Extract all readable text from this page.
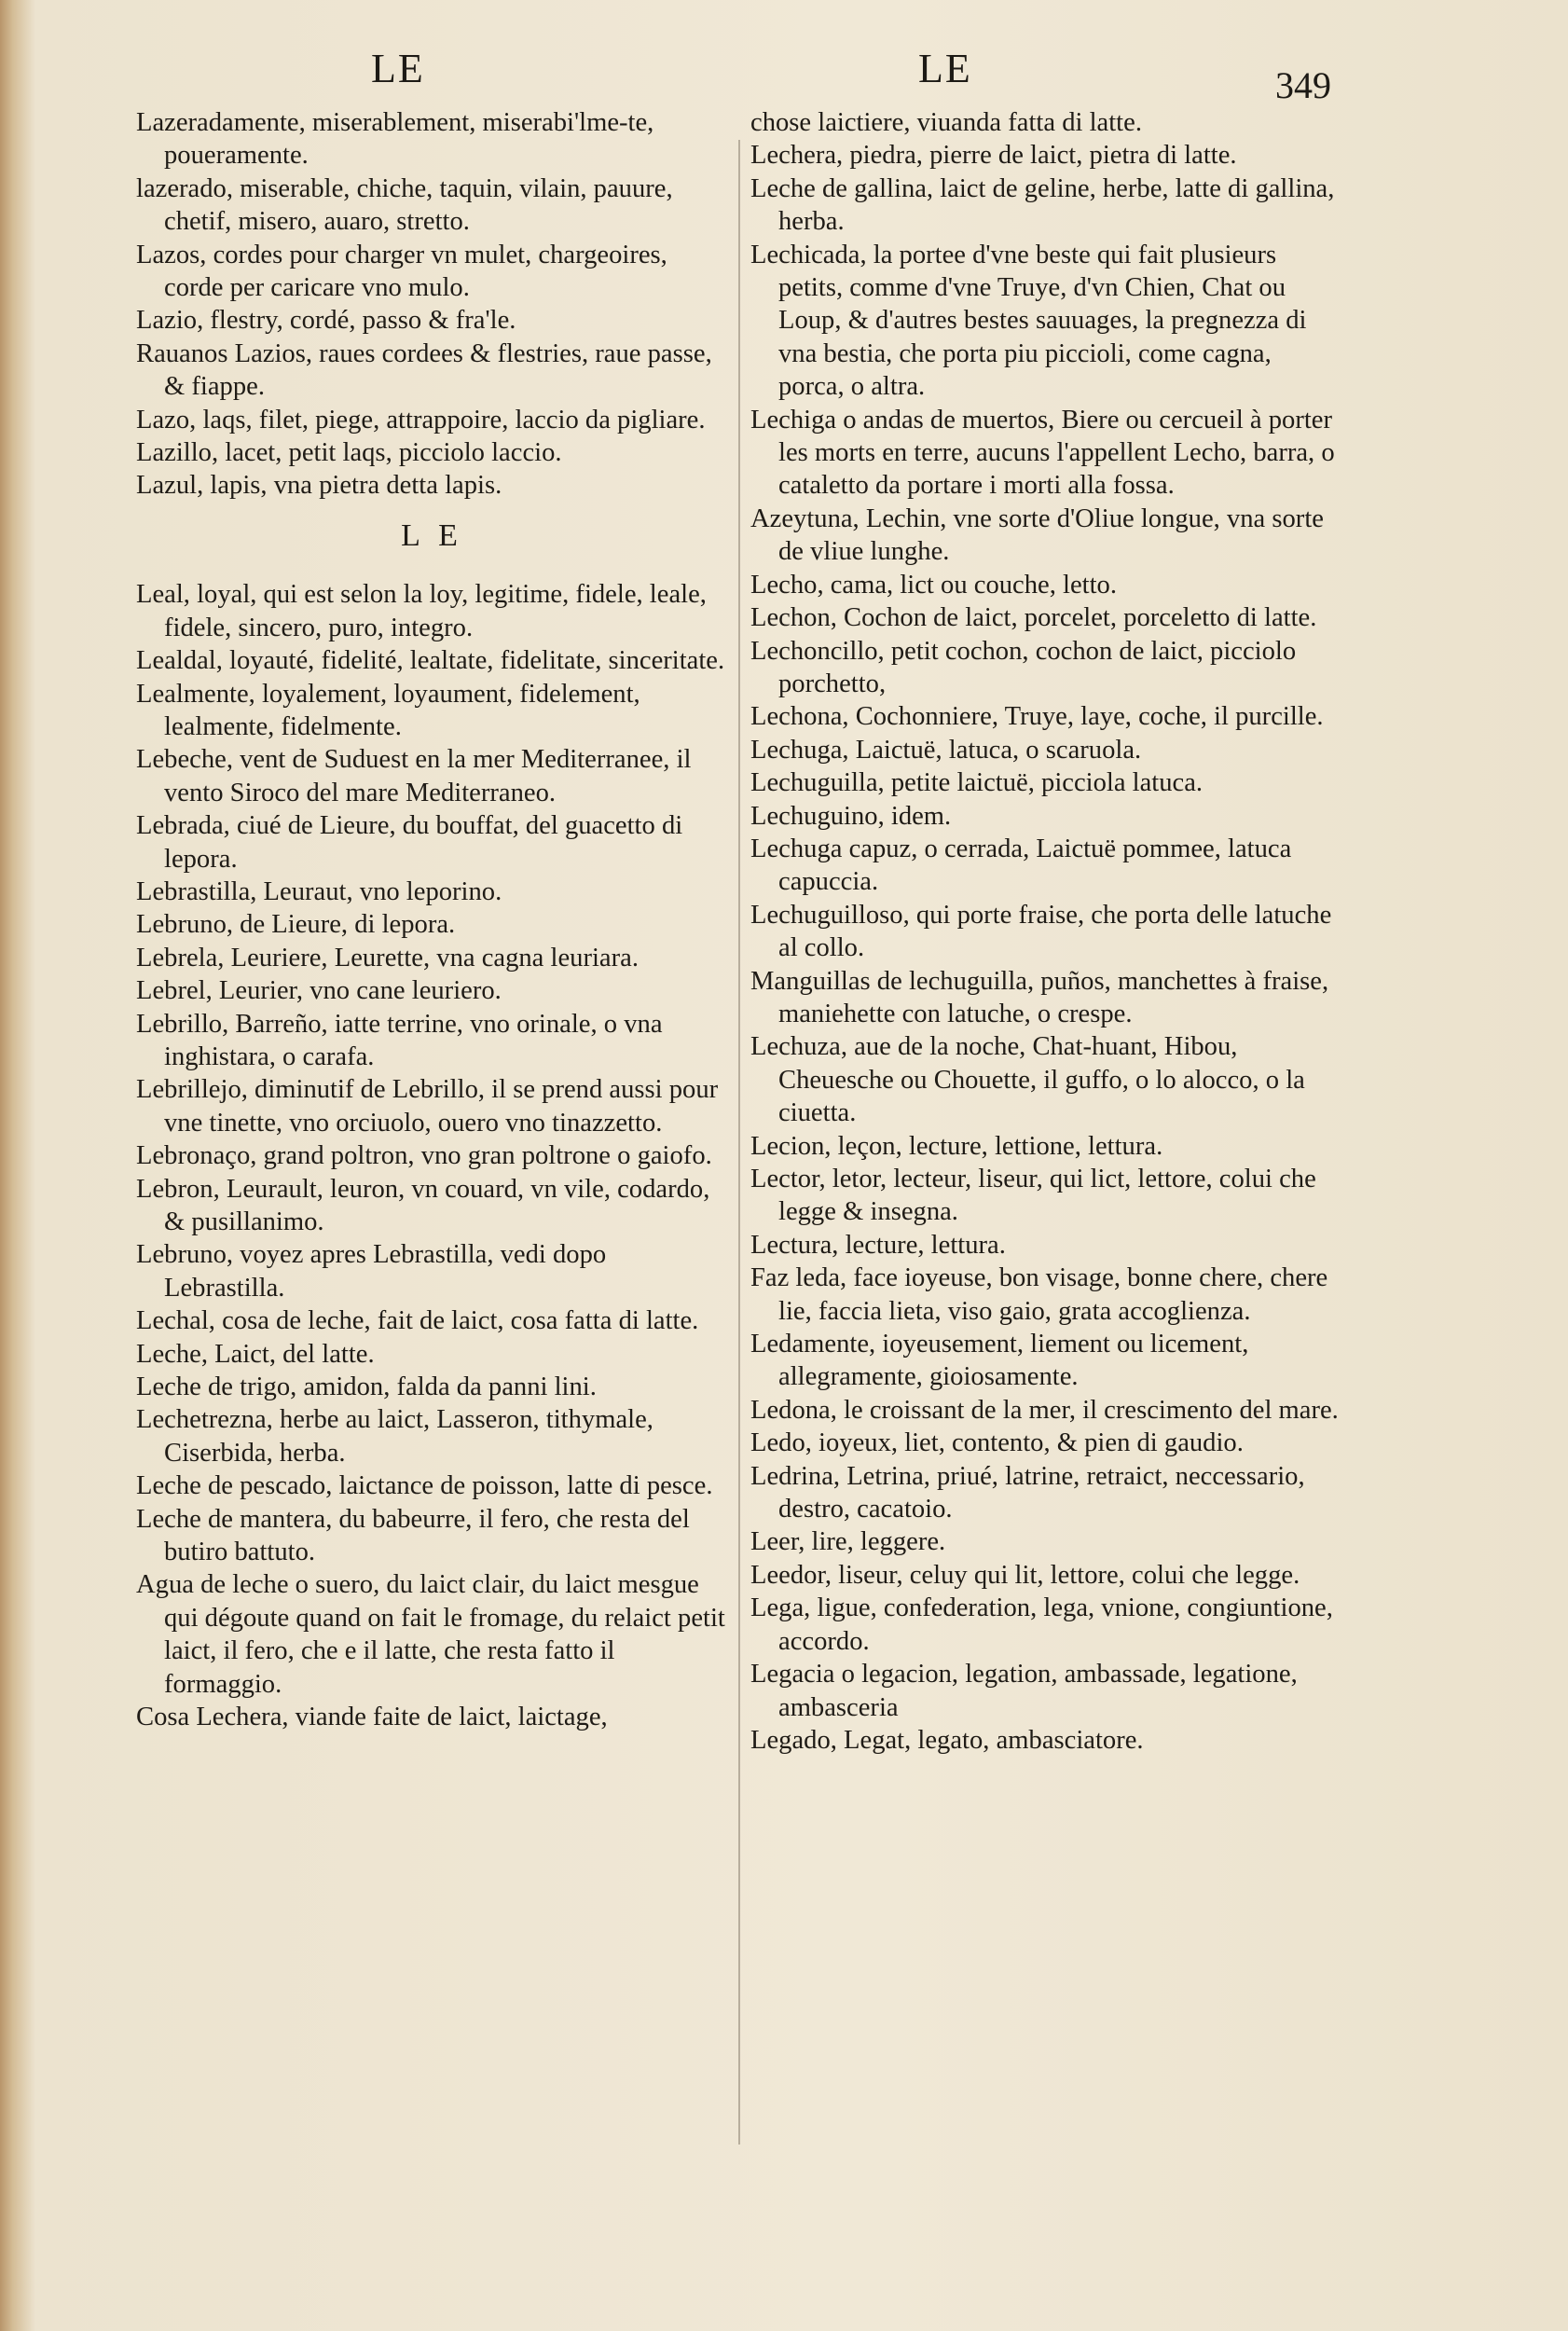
LE	LE	349

Lazeradamente, miserablement, miserabi'lme-te, poueramente.

lazerado, miserable, chiche, taquin, vilain, pauure, chetif, misero, auaro, stretto.

Lazos, cordes pour charger vn mulet, chargeoires, corde per caricare vno mulo.

Lazio, flestry, cordé, passo & fra'le.

Rauanos Lazios, raues cordees & flestries, raue passe, & fiappe.

Lazo, laqs, filet, piege, attrappoire, laccio da pigliare.

Lazillo, lacet, petit laqs, picciolo laccio.

Lazul, lapis, vna pietra detta lapis.

L E

Leal, loyal, qui est selon la loy, legitime, fidele, leale, fidele, sincero, puro, integro.

Lealdal, loyauté, fidelité, lealtate, fidelitate, sinceritate.

Lealmente, loyalement, loyaument, fidelement, lealmente, fidelmente.

Lebeche, vent de Suduest en la mer Mediterranee, il vento Siroco del mare Mediterraneo.

Lebrada, ciué de Lieure, du bouffat, del guacetto di lepora.

Lebrastilla, Leuraut, vno leporino.

Lebruno, de Lieure, di lepora.

Lebrela, Leuriere, Leurette, vna cagna leuriara.

Lebrel, Leurier, vno cane leuriero.

Lebrillo, Barreño, iatte terrine, vno orinale, o vna inghistara, o carafa.

Lebrillejo, diminutif de Lebrillo, il se prend aussi pour vne tinette, vno orciuolo, ouero vno tinazzetto.

Lebronaço, grand poltron, vno gran poltrone o gaiofo.

Lebron, Leurault, leuron, vn couard, vn vile, codardo, & pusillanimo.

Lebruno, voyez apres Lebrastilla, vedi dopo Lebrastilla.

Lechal, cosa de leche, fait de laict, cosa fatta di latte.

Leche, Laict, del latte.

Leche de trigo, amidon, falda da panni lini.

Lechetrezna, herbe au laict, Lasseron, tithymale, Ciserbida, herba.

Leche de pescado, laictance de poisson, latte di pesce.

Leche de mantera, du babeurre, il fero, che resta del butiro battuto.

Agua de leche o suero, du laict clair, du laict mesgue qui dégoute quand on fait le fromage, du relaict petit laict, il fero, che e il latte, che resta fatto il formaggio.

Cosa Lechera, viande faite de laict, laictage,

chose laictiere, viuanda fatta di latte.

Lechera, piedra, pierre de laict, pietra di latte.

Leche de gallina, laict de geline, herbe, latte di gallina, herba.

Lechicada, la portee d'vne beste qui fait plusieurs petits, comme d'vne Truye, d'vn Chien, Chat ou Loup, & d'autres bestes sauuages, la pregnezza di vna bestia, che porta piu piccioli, come cagna, porca, o altra.

Lechiga o andas de muertos, Biere ou cercueil à porter les morts en terre, aucuns l'appellent Lecho, barra, o cataletto da portare i morti alla fossa.

Azeytuna, Lechin, vne sorte d'Oliue longue, vna sorte de vliue lunghe.

Lecho, cama, lict ou couche, letto.

Lechon, Cochon de laict, porcelet, porceletto di latte.

Lechoncillo, petit cochon, cochon de laict, picciolo porchetto,

Lechona, Cochonniere, Truye, laye, coche, il purcille.

Lechuga, Laictuë, latuca, o scaruola.

Lechuguilla, petite laictuë, picciola latuca.

Lechuguino, idem.

Lechuga capuz, o cerrada, Laictuë pommee, latuca capuccia.

Lechuguilloso, qui porte fraise, che porta delle latuche al collo.

Manguillas de lechuguilla, puños, manchettes à fraise, maniehette con latuche, o crespe.

Lechuza, aue de la noche, Chat-huant, Hibou, Cheuesche ou Chouette, il guffo, o lo alocco, o la ciuetta.

Lecion, leçon, lecture, lettione, lettura.

Lector, letor, lecteur, liseur, qui lict, lettore, colui che legge & insegna.

Lectura, lecture, lettura.

Faz leda, face ioyeuse, bon visage, bonne chere, chere lie, faccia lieta, viso gaio, grata accoglienza.

Ledamente, ioyeusement, liement ou licement, allegramente, gioiosamente.

Ledona, le croissant de la mer, il crescimento del mare.

Ledo, ioyeux, liet, contento, & pien di gaudio.

Ledrina, Letrina, priué, latrine, retraict, neccessario, destro, cacatoio.

Leer, lire, leggere.

Leedor, liseur, celuy qui lit, lettore, colui che legge.

Lega, ligue, confederation, lega, vnione, congiuntione, accordo.

Legacia o legacion, legation, ambassade, legatione, ambasceria

Legado, Legat, legato, ambasciatore.
